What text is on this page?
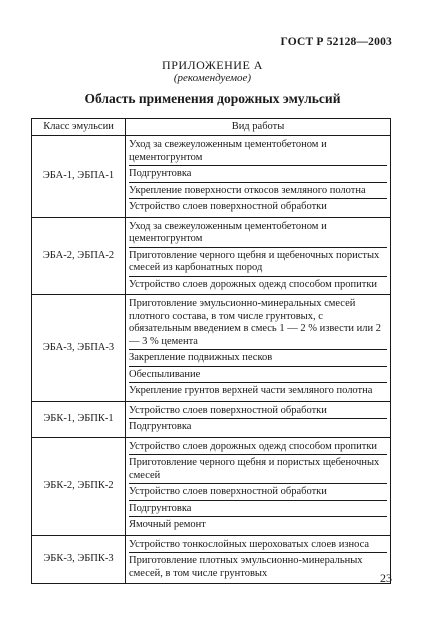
ГОСТ Р 52128—2003
ПРИЛОЖЕНИЕ А
(рекомендуемое)
Область применения дорожных эмульсий
Класс эмульсии	Вид работы
ЭБА-1, ЭБПА-1	Уход за свежеуложенным цементобетоном и цементогрунтом
Подгрунтовка
Укрепление поверхности откосов земляного полотна
Устройство слоев поверхностной обработки

ЭБА-2, ЭБПА-2	Уход за свежеуложенным цементобетоном и цементогрунтом
Приготовление черного щебня и щебеночных пористых смесей из карбонатных пород
Устройство слоев дорожных одежд способом пропитки

ЭБА-3, ЭБПА-3	Приготовление эмульсионно-минеральных смесей плотного состава, в том числе грунтовых, с обязательным введением в смесь 1 — 2 % извести или 2 — 3 % цемента
Закрепление подвижных песков
Обеспыливание
Укрепление грунтов верхней части земляного полотна

ЭБК-1, ЭБПК-1	Устройство слоев поверхностной обработки
Подгрунтовка

ЭБК-2, ЭБПК-2	Устройство слоев дорожных одежд способом пропитки
Приготовление черного щебня и пористых щебеночных смесей
Устройство слоев поверхностной обработки
Подгрунтовка
Ямочный ремонт

ЭБК-3, ЭБПК-3	Устройство тонкослойных шероховатых слоев износа
Приготовление плотных эмульсионно-минеральных смесей, в том числе грунтовых	23
